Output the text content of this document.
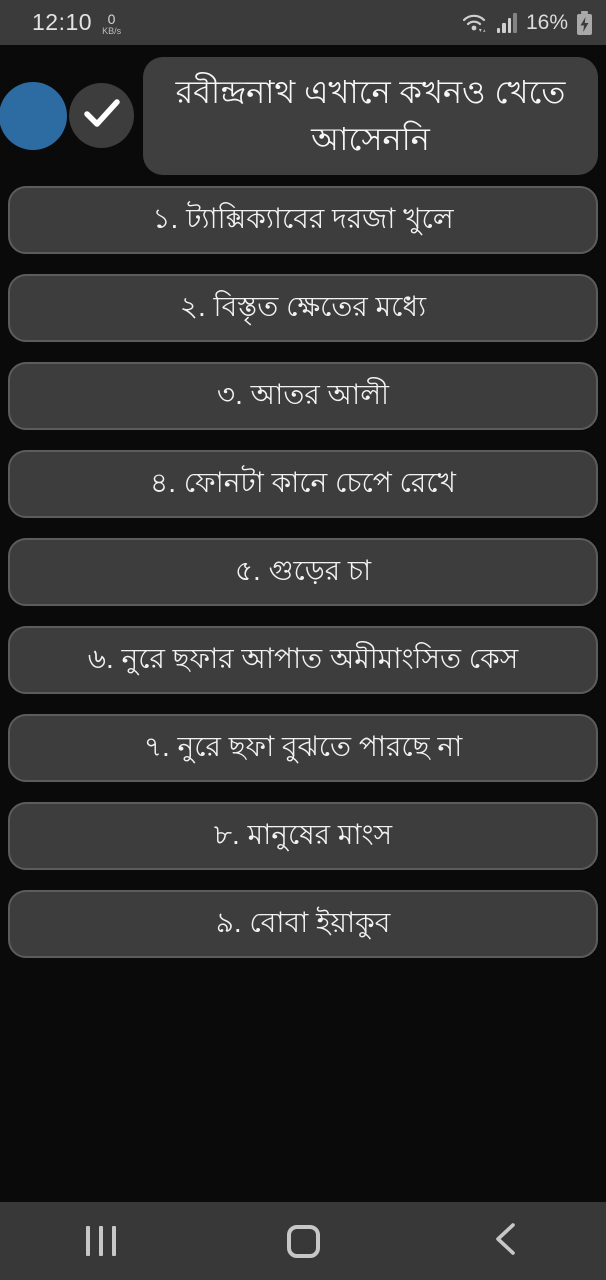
12:10 0
KB/s	16%
রবীন্দ্রনাথ এখানে কখনও খেতে আসেননি
১. ট্যাক্সিক্যাবের দরজা খুলে
২. বিস্তৃত ক্ষেতের মধ্যে
৩. আতর আলী
৪. ফোনটা কানে চেপে রেখে
৫. গুড়ের চা
৬. নুরে ছফার আপাত অমীমাংসিত কেস
৭. নুরে ছফা বুঝতে পারছে না
৮. মানুষের মাংস
৯. বোবা ইয়াকুব
